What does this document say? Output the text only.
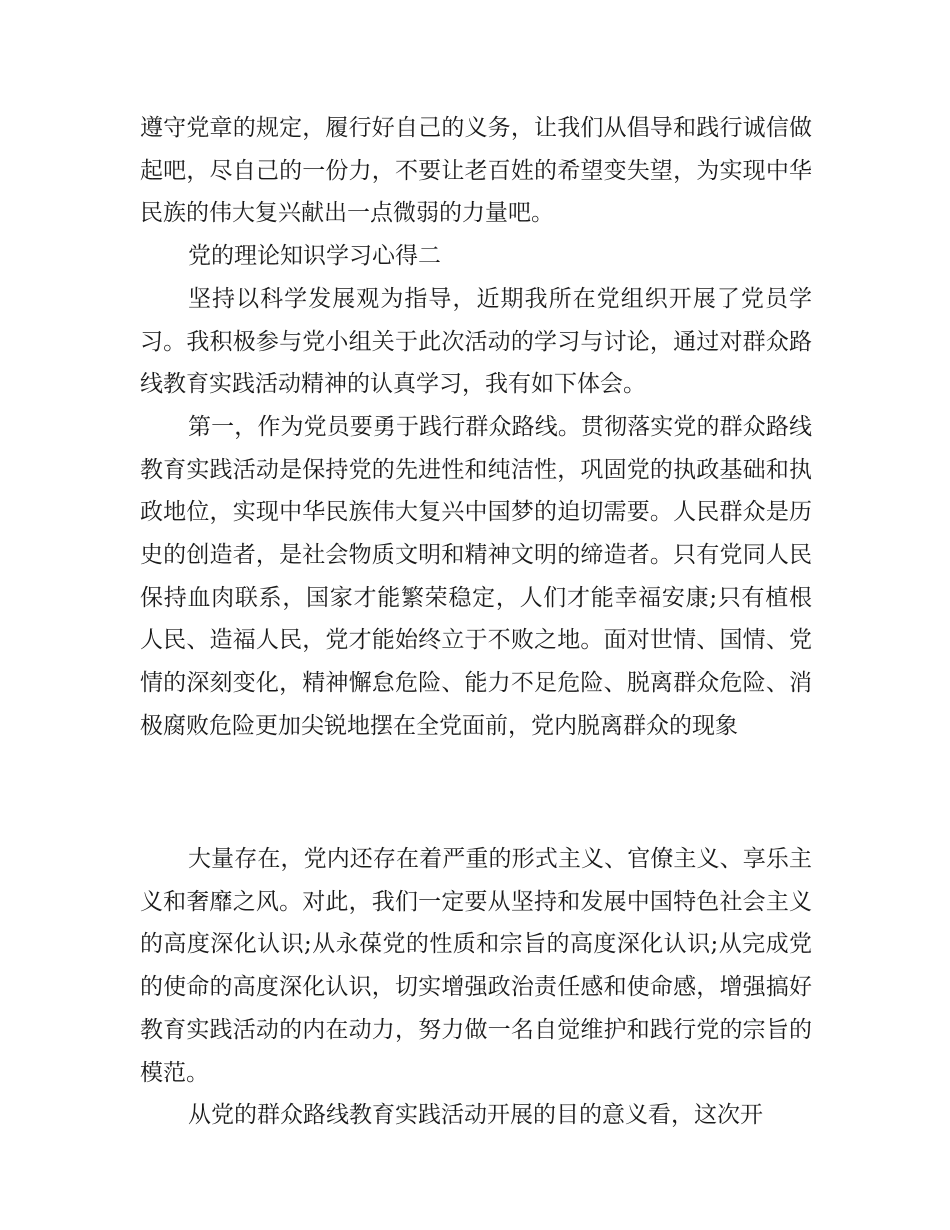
遵守党章的规定，履行好自己的义务，让我们从倡导和践行诚信做起吧，尽自己的一份力，不要让老百姓的希望变失望，为实现中华民族的伟大复兴献出一点微弱的力量吧。

党的理论知识学习心得二

坚持以科学发展观为指导，近期我所在党组织开展了党员学习。我积极参与党小组关于此次活动的学习与讨论，通过对群众路线教育实践活动精神的认真学习，我有如下体会。

第一，作为党员要勇于践行群众路线。贯彻落实党的群众路线教育实践活动是保持党的先进性和纯洁性，巩固党的执政基础和执政地位，实现中华民族伟大复兴中国梦的迫切需要。人民群众是历史的创造者，是社会物质文明和精神文明的缔造者。只有党同人民保持血肉联系，国家才能繁荣稳定，人们才能幸福安康;只有植根人民、造福人民，党才能始终立于不败之地。面对世情、国情、党情的深刻变化，精神懈怠危险、能力不足危险、脱离群众危险、消极腐败危险更加尖锐地摆在全党面前，党内脱离群众的现象

大量存在，党内还存在着严重的形式主义、官僚主义、享乐主义和奢靡之风。对此，我们一定要从坚持和发展中国特色社会主义的高度深化认识;从永葆党的性质和宗旨的高度深化认识;从完成党的使命的高度深化认识，切实增强政治责任感和使命感，增强搞好教育实践活动的内在动力，努力做一名自觉维护和践行党的宗旨的模范。

从党的群众路线教育实践活动开展的目的意义看，这次开
